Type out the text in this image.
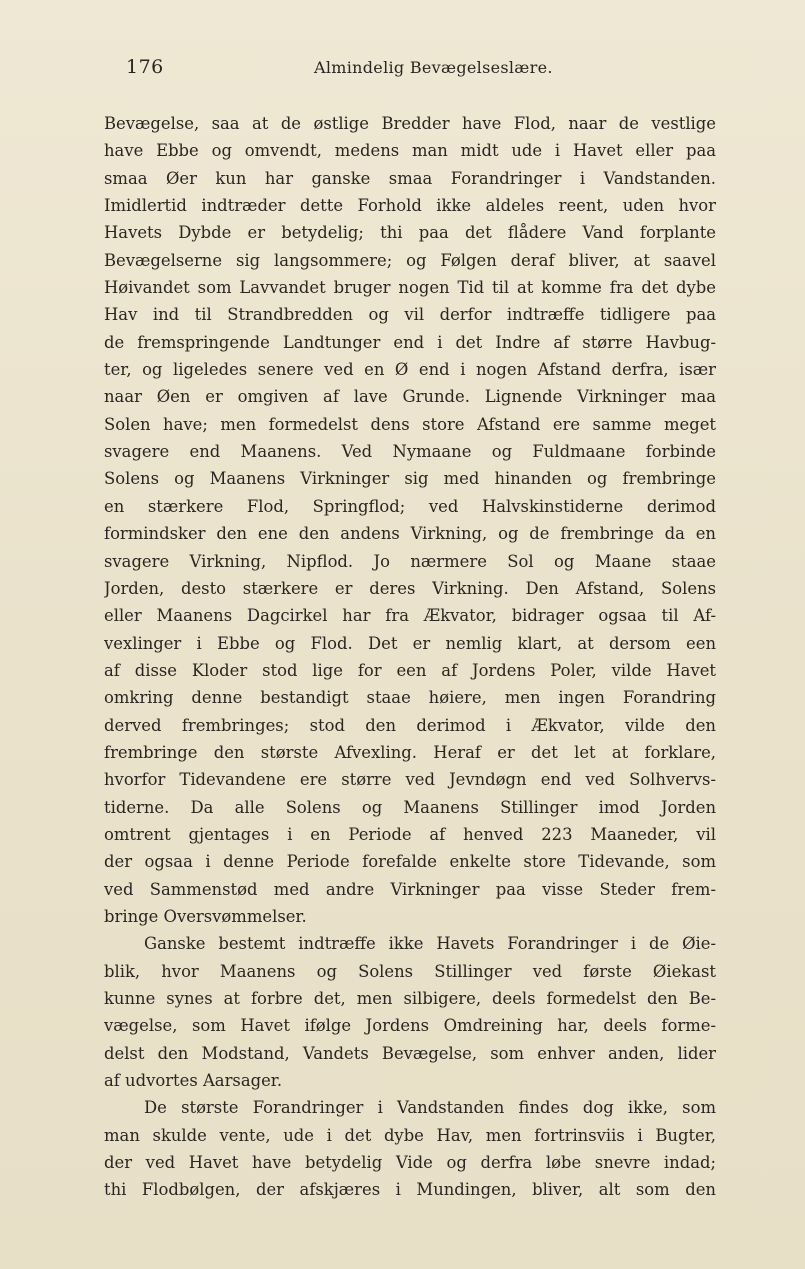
176	Almindelig Bevægelseslære.
Bevægelse, saa at de østlige Bredder have Flod, naar de vestlige
have Ebbe og omvendt, medens man midt ude i Havet eller paa
smaa Øer kun har ganske smaa Forandringer i Vandstanden.
Imidlertid indtræder dette Forhold ikke aldeles reent, uden hvor
Havets Dybde er betydelig; thi paa det flådere Vand forplante
Bevægelserne sig langsommere; og Følgen deraf bliver, at saavel
Høivandet som Lavvandet bruger nogen Tid til at komme fra det dybe
Hav ind til Strandbredden og vil derfor indtræffe tidligere paa
de fremspringende Landtunger end i det Indre af større Havbug-
ter, og ligeledes senere ved en Ø end i nogen Afstand derfra, især
naar Øen er omgiven af lave Grunde. Lignende Virkninger maa
Solen have; men formedelst dens store Afstand ere samme meget
svagere end Maanens. Ved Nymaane og Fuldmaane forbinde
Solens og Maanens Virkninger sig med hinanden og frembringe
en stærkere Flod, Springflod; ved Halvskinstiderne derimod
formindsker den ene den andens Virkning, og de frembringe da en
svagere Virkning, Nipflod. Jo nærmere Sol og Maane staae
Jorden, desto stærkere er deres Virkning. Den Afstand, Solens
eller Maanens Dagcirkel har fra Ækvator, bidrager ogsaa til Af-
vexlinger i Ebbe og Flod. Det er nemlig klart, at dersom een
af disse Kloder stod lige for een af Jordens Poler, vilde Havet
omkring denne bestandigt staae høiere, men ingen Forandring
derved frembringes; stod den derimod i Ækvator, vilde den
frembringe den største Afvexling. Heraf er det let at forklare,
hvorfor Tidevandene ere større ved Jevndøgn end ved Solhvervs-
tiderne. Da alle Solens og Maanens Stillinger imod Jorden
omtrent gjentages i en Periode af henved 223 Maaneder, vil
der ogsaa i denne Periode forefalde enkelte store Tidevande, som
ved Sammenstød med andre Virkninger paa visse Steder frem-
bringe Oversvømmelser.
Ganske bestemt indtræffe ikke Havets Forandringer i de Øie-
blik, hvor Maanens og Solens Stillinger ved første Øiekast
kunne synes at forbre det, men silbigere, deels formedelst den Be-
vægelse, som Havet ifølge Jordens Omdreining har, deels forme-
delst den Modstand, Vandets Bevægelse, som enhver anden, lider
af udvortes Aarsager.
De største Forandringer i Vandstanden findes dog ikke, som
man skulde vente, ude i det dybe Hav, men fortrinsviis i Bugter,
der ved Havet have betydelig Vide og derfra løbe snevre indad;
thi Flodbølgen, der afskjæres i Mundingen, bliver, alt som den
